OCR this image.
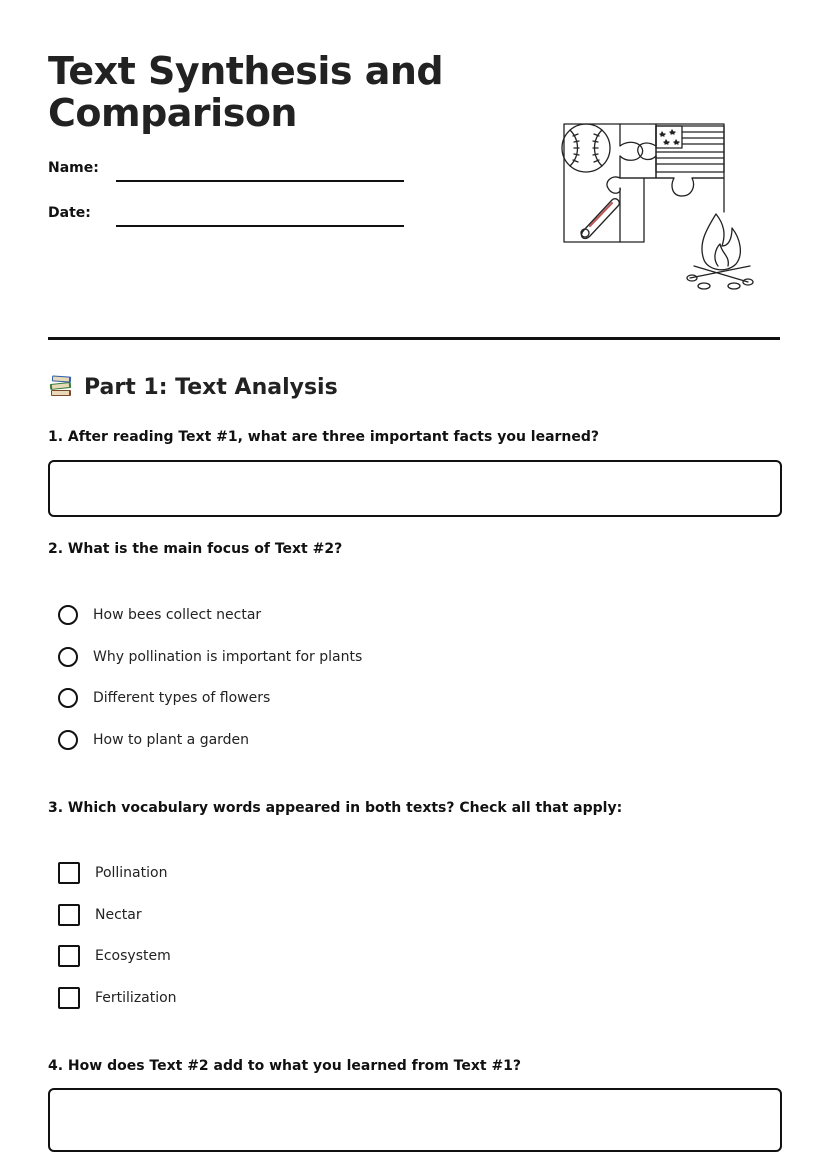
Text Synthesis and
Comparison
Name:
Date:
Part 1: Text Analysis

1. After reading Text #1, what are three important facts you learned?

2. What is the main focus of Text #2?

How bees collect nectar
Why pollination is important for plants
Different types of flowers
How to plant a garden

3. Which vocabulary words appeared in both texts? Check all that apply:

Pollination
Nectar
Ecosystem
Fertilization

4. How does Text #2 add to what you learned from Text #1?
